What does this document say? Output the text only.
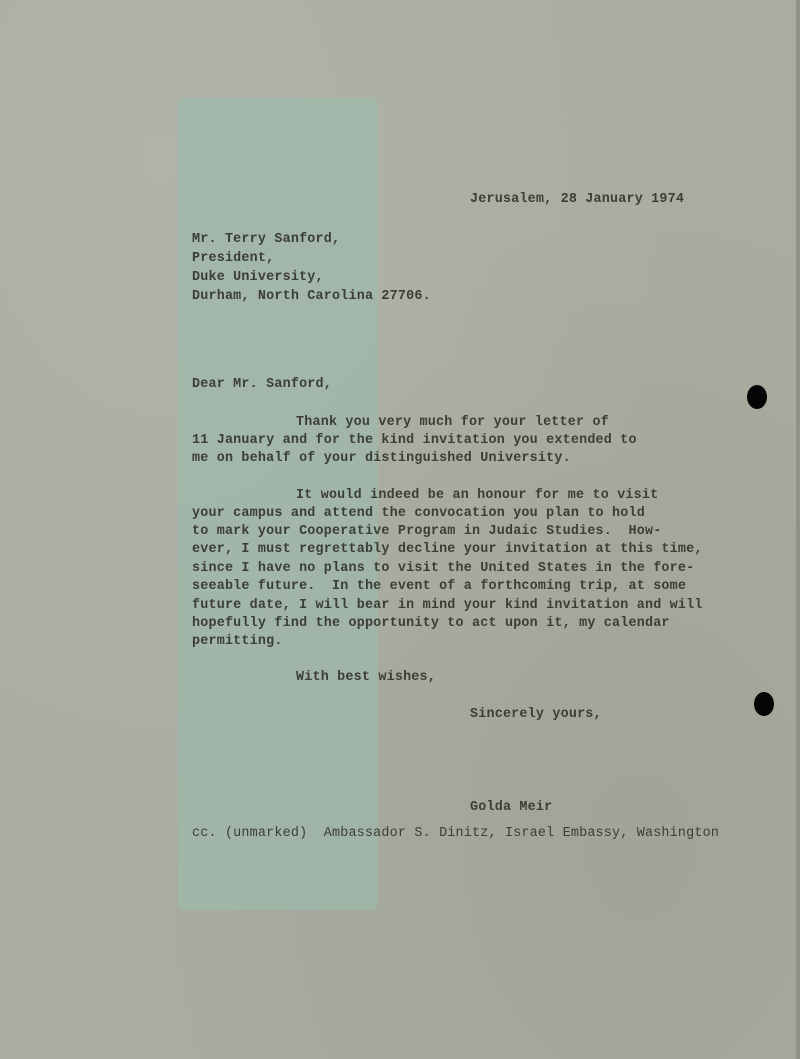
Jerusalem, 28 January 1974
Mr. Terry Sanford,
President,
Duke University,
Durham, North Carolina 27706.
Dear Mr. Sanford,
Thank you very much for your letter of
11 January and for the kind invitation you extended to
me on behalf of your distinguished University.
It would indeed be an honour for me to visit
your campus and attend the convocation you plan to hold
to mark your Cooperative Program in Judaic Studies.  How-
ever, I must regrettably decline your invitation at this time,
since I have no plans to visit the United States in the fore-
seeable future.  In the event of a forthcoming trip, at some
future date, I will bear in mind your kind invitation and will
hopefully find the opportunity to act upon it, my calendar
permitting.
With best wishes,
Sincerely yours,
Golda Meir
cc. (unmarked)  Ambassador S. Dinitz, Israel Embassy, Washington
